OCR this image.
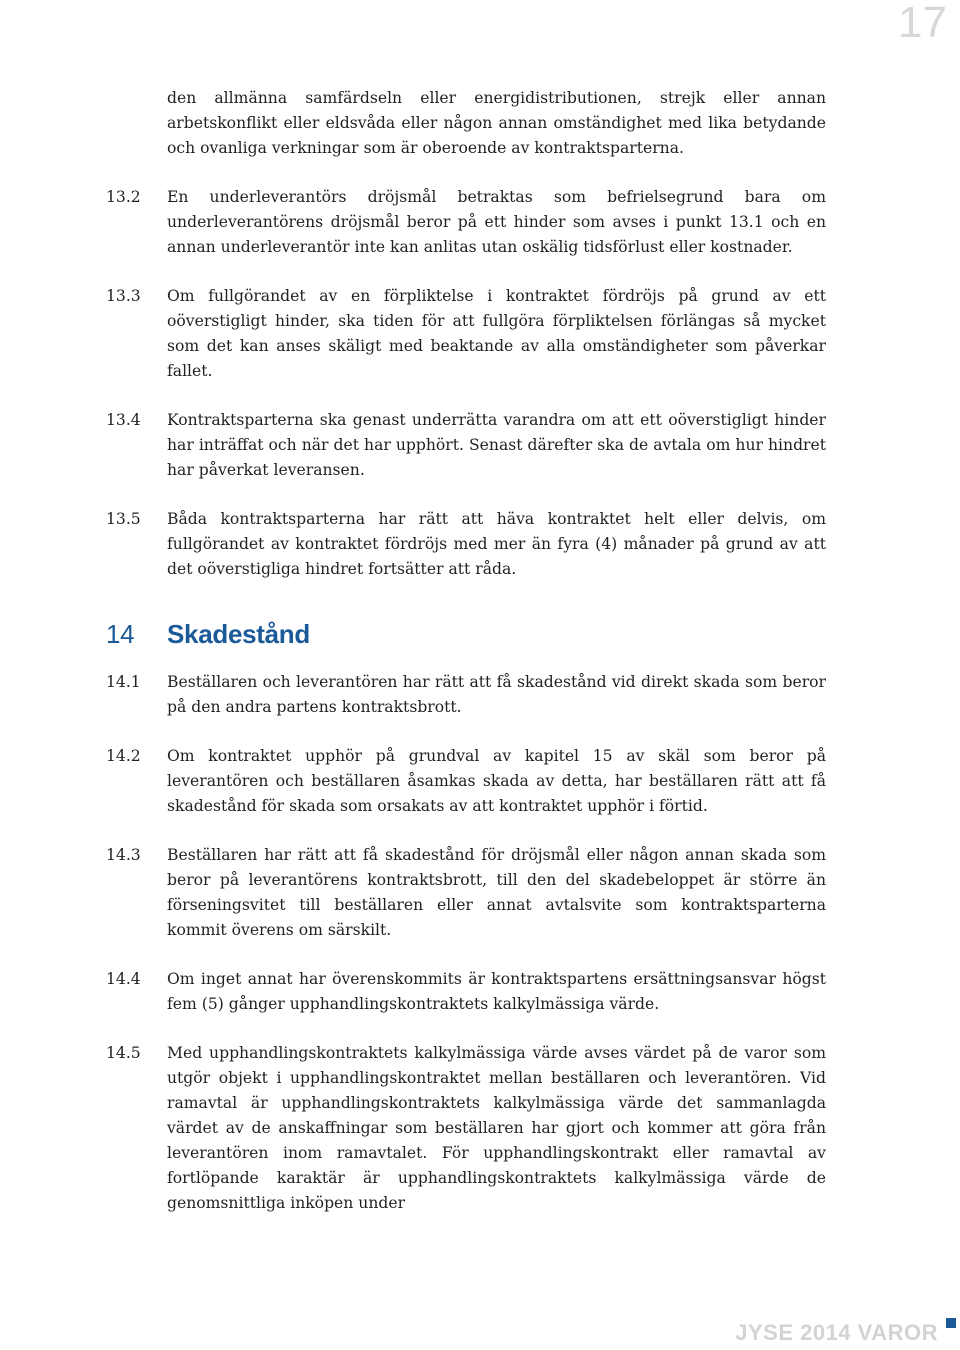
17
den allmänna samfärdseln eller energidistributionen, strejk eller annan arbetskonflikt eller eldsvåda eller någon annan omständighet med lika betydande och ovanliga verkningar som är oberoende av kontraktsparterna.
13.2	En underleverantörs dröjsmål betraktas som befrielsegrund bara om underleverantörens dröjsmål beror på ett hinder som avses i punkt 13.1 och en annan underleverantör inte kan anlitas utan oskälig tidsförlust eller kostnader.
13.3	Om fullgörandet av en förpliktelse i kontraktet fördröjs på grund av ett oöverstigligt hinder, ska tiden för att fullgöra förpliktelsen förlängas så mycket som det kan anses skäligt med beaktande av alla omständigheter som påverkar fallet.
13.4	Kontraktsparterna ska genast underrätta varandra om att ett oöverstigligt hinder har inträffat och när det har upphört. Senast därefter ska de avtala om hur hindret har påverkat leveransen.
13.5	Båda kontraktsparterna har rätt att häva kontraktet helt eller delvis, om fullgörandet av kontraktet fördröjs med mer än fyra (4) månader på grund av att det oöverstigliga hindret fortsätter att råda.
14	Skadestånd
14.1	Beställaren och leverantören har rätt att få skadestånd vid direkt skada som beror på den andra partens kontraktsbrott.
14.2	Om kontraktet upphör på grundval av kapitel 15 av skäl som beror på leverantören och beställaren åsamkas skada av detta, har beställaren rätt att få skadestånd för skada som orsakats av att kontraktet upphör i förtid.
14.3	Beställaren har rätt att få skadestånd för dröjsmål eller någon annan skada som beror på leverantörens kontraktsbrott, till den del skadebeloppet är större än förseningsvitet till beställaren eller annat avtalsvite som kontraktsparterna kommit överens om särskilt.
14.4	Om inget annat har överenskommits är kontraktspartens ersättningsansvar högst fem (5) gånger upphandlingskontraktets kalkylmässiga värde.
14.5	Med upphandlingskontraktets kalkylmässiga värde avses värdet på de varor som utgör objekt i upphandlingskontraktet mellan beställaren och leverantören. Vid ramavtal är upphandlingskontraktets kalkylmässiga värde det sammanlagda värdet av de anskaffningar som beställaren har gjort och kommer att göra från leverantören inom ramavtalet. För upphandlingskontrakt eller ramavtal av fortlöpande karaktär är upphandlingskontraktets kalkylmässiga värde de genomsnittliga inköpen under
JYSE 2014 VAROR
